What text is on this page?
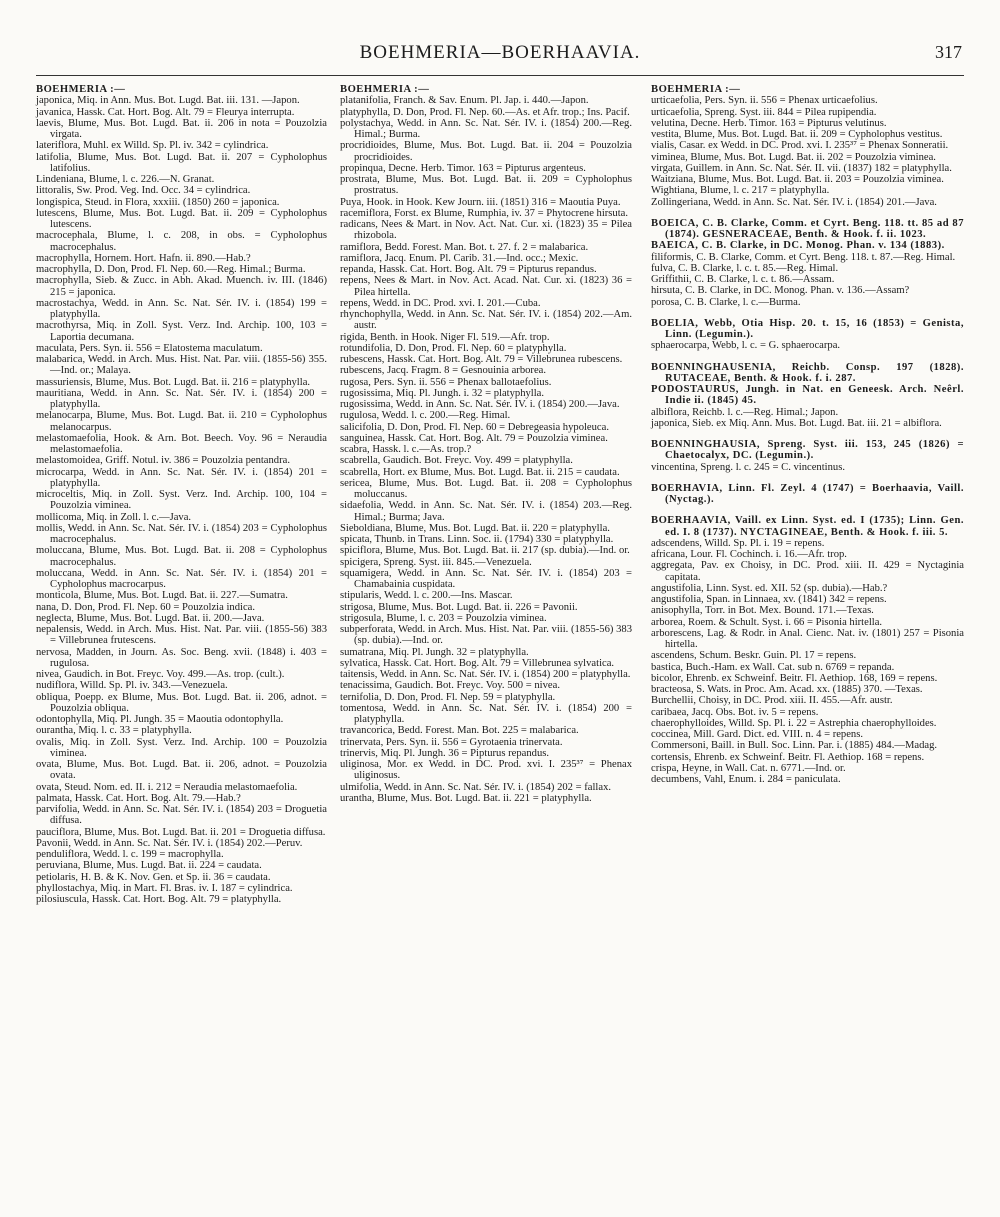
BOEHMERIA—BOERHAAVIA.	317

BOEHMERIA :—

japonica, Miq. in Ann. Mus. Bot. Lugd. Bat. iii. 131. —Japon.

javanica, Hassk. Cat. Hort. Bog. Alt. 79 = Fleurya interrupta.

laevis, Blume, Mus. Bot. Lugd. Bat. ii. 206 in nota = Pouzolzia virgata.

lateriflora, Muhl. ex Willd. Sp. Pl. iv. 342 = cylindrica.

latifolia, Blume, Mus. Bot. Lugd. Bat. ii. 207 = Cypholophus latifolius.

Lindeniana, Blume, l. c. 226.—N. Granat.

littoralis, Sw. Prod. Veg. Ind. Occ. 34 = cylindrica.

longispica, Steud. in Flora, xxxiii. (1850) 260 = japonica.

lutescens, Blume, Mus. Bot. Lugd. Bat. ii. 209 = Cypholophus lutescens.

macrocephala, Blume, l. c. 208, in obs. = Cypholophus macrocephalus.

macrophylla, Hornem. Hort. Hafn. ii. 890.—Hab.?

macrophylla, D. Don, Prod. Fl. Nep. 60.—Reg. Himal.; Burma.

macrophylla, Sieb. & Zucc. in Abh. Akad. Muench. iv. III. (1846) 215 = japonica.

macrostachya, Wedd. in Ann. Sc. Nat. Sér. IV. i. (1854) 199 = platyphylla.

macrothyrsa, Miq. in Zoll. Syst. Verz. Ind. Archip. 100, 103 = Laportia decumana.

maculata, Pers. Syn. ii. 556 = Elatostema maculatum.

malabarica, Wedd. in Arch. Mus. Hist. Nat. Par. viii. (1855-56) 355.—Ind. or.; Malaya.

massuriensis, Blume, Mus. Bot. Lugd. Bat. ii. 216 = platyphylla.

mauritiana, Wedd. in Ann. Sc. Nat. Sér. IV. i. (1854) 200 = platyphylla.

melanocarpa, Blume, Mus. Bot. Lugd. Bat. ii. 210 = Cypholophus melanocarpus.

melastomaefolia, Hook. & Arn. Bot. Beech. Voy. 96 = Neraudia melastomaefolia.

melastomoidea, Griff. Notul. iv. 386 = Pouzolzia pentandra.

microcarpa, Wedd. in Ann. Sc. Nat. Sér. IV. i. (1854) 201 = platyphylla.

microceltis, Miq. in Zoll. Syst. Verz. Ind. Archip. 100, 104 = Pouzolzia viminea.

mollicoma, Miq. in Zoll. l. c.—Java.

mollis, Wedd. in Ann. Sc. Nat. Sér. IV. i. (1854) 203 = Cypholophus macrocephalus.

moluccana, Blume, Mus. Bot. Lugd. Bat. ii. 208 = Cypholophus macrocephalus.

moluccana, Wedd. in Ann. Sc. Nat. Sér. IV. i. (1854) 201 = Cypholophus macrocarpus.

monticola, Blume, Mus. Bot. Lugd. Bat. ii. 227.—Sumatra.

nana, D. Don, Prod. Fl. Nep. 60 = Pouzolzia indica.

neglecta, Blume, Mus. Bot. Lugd. Bat. ii. 200.—Java.

nepalensis, Wedd. in Arch. Mus. Hist. Nat. Par. viii. (1855-56) 383 = Villebrunea frutescens.

nervosa, Madden, in Journ. As. Soc. Beng. xvii. (1848) i. 403 = rugulosa.

nivea, Gaudich. in Bot. Freyc. Voy. 499.—As. trop. (cult.).

nudiflora, Willd. Sp. Pl. iv. 343.—Venezuela.

obliqua, Poepp. ex Blume, Mus. Bot. Lugd. Bat. ii. 206, adnot. = Pouzolzia obliqua.

odontophylla, Miq. Pl. Jungh. 35 = Maoutia odontophylla.

ourantha, Miq. l. c. 33 = platyphylla.

ovalis, Miq. in Zoll. Syst. Verz. Ind. Archip. 100 = Pouzolzia viminea.

ovata, Blume, Mus. Bot. Lugd. Bat. ii. 206, adnot. = Pouzolzia ovata.

ovata, Steud. Nom. ed. II. i. 212 = Neraudia melastomaefolia.

palmata, Hassk. Cat. Hort. Bog. Alt. 79.—Hab.?

parvifolia, Wedd. in Ann. Sc. Nat. Sér. IV. i. (1854) 203 = Droguetia diffusa.

pauciflora, Blume, Mus. Bot. Lugd. Bat. ii. 201 = Droguetia diffusa.

Pavonii, Wedd. in Ann. Sc. Nat. Sér. IV. i. (1854) 202.—Peruv.

penduliflora, Wedd. l. c. 199 = macrophylla.

peruviana, Blume, Mus. Lugd. Bat. ii. 224 = caudata.

petiolaris, H. B. & K. Nov. Gen. et Sp. ii. 36 = caudata.

phyllostachya, Miq. in Mart. Fl. Bras. iv. I. 187 = cylindrica.

pilosiuscula, Hassk. Cat. Hort. Bog. Alt. 79 = platyphylla.

BOEHMERIA :—

platanifolia, Franch. & Sav. Enum. Pl. Jap. i. 440.—Japon.

platyphylla, D. Don, Prod. Fl. Nep. 60.—As. et Afr. trop.; Ins. Pacif.

polystachya, Wedd. in Ann. Sc. Nat. Sér. IV. i. (1854) 200.—Reg. Himal.; Burma.

procridioides, Blume, Mus. Bot. Lugd. Bat. ii. 204 = Pouzolzia procridioides.

propinqua, Decne. Herb. Timor. 163 = Pipturus argenteus.

prostrata, Blume, Mus. Bot. Lugd. Bat. ii. 209 = Cypholophus prostratus.

Puya, Hook. in Hook. Kew Journ. iii. (1851) 316 = Maoutia Puya.

racemiflora, Forst. ex Blume, Rumphia, iv. 37 = Phytocrene hirsuta.

radicans, Nees & Mart. in Nov. Act. Nat. Cur. xi. (1823) 35 = Pilea rhizobola.

ramiflora, Bedd. Forest. Man. Bot. t. 27. f. 2 = malabarica.

ramiflora, Jacq. Enum. Pl. Carib. 31.—Ind. occ.; Mexic.

repanda, Hassk. Cat. Hort. Bog. Alt. 79 = Pipturus repandus.

repens, Nees & Mart. in Nov. Act. Acad. Nat. Cur. xi. (1823) 36 = Pilea hirtella.

repens, Wedd. in DC. Prod. xvi. I. 201.—Cuba.

rhynchophylla, Wedd. in Ann. Sc. Nat. Sér. IV. i. (1854) 202.—Am. austr.

rigida, Benth. in Hook. Niger Fl. 519.—Afr. trop.

rotundifolia, D. Don, Prod. Fl. Nep. 60 = platyphylla.

rubescens, Hassk. Cat. Hort. Bog. Alt. 79 = Villebrunea rubescens.

rubescens, Jacq. Fragm. 8 = Gesnouinia arborea.

rugosa, Pers. Syn. ii. 556 = Phenax ballotaefolius.

rugosissima, Miq. Pl. Jungh. i. 32 = platyphylla.

rugosissima, Wedd. in Ann. Sc. Nat. Sér. IV. i. (1854) 200.—Java.

rugulosa, Wedd. l. c. 200.—Reg. Himal.

salicifolia, D. Don, Prod. Fl. Nep. 60 = Debregeasia hypoleuca.

sanguinea, Hassk. Cat. Hort. Bog. Alt. 79 = Pouzolzia viminea.

scabra, Hassk. l. c.—As. trop.?

scabrella, Gaudich. Bot. Freyc. Voy. 499 = platyphylla.

scabrella, Hort. ex Blume, Mus. Bot. Lugd. Bat. ii. 215 = caudata.

sericea, Blume, Mus. Bot. Lugd. Bat. ii. 208 = Cypholophus moluccanus.

sidaefolia, Wedd. in Ann. Sc. Nat. Sér. IV. i. (1854) 203.—Reg. Himal.; Burma; Java.

Sieboldiana, Blume, Mus. Bot. Lugd. Bat. ii. 220 = platyphylla.

spicata, Thunb. in Trans. Linn. Soc. ii. (1794) 330 = platyphylla.

spiciflora, Blume, Mus. Bot. Lugd. Bat. ii. 217 (sp. dubia).—Ind. or.

spicigera, Spreng. Syst. iii. 845.—Venezuela.

squamigera, Wedd. in Ann. Sc. Nat. Sér. IV. i. (1854) 203 = Chamabainia cuspidata.

stipularis, Wedd. l. c. 200.—Ins. Mascar.

strigosa, Blume, Mus. Bot. Lugd. Bat. ii. 226 = Pavonii.

strigosula, Blume, l. c. 203 = Pouzolzia viminea.

subperforata, Wedd. in Arch. Mus. Hist. Nat. Par. viii. (1855-56) 383 (sp. dubia).—Ind. or.

sumatrana, Miq. Pl. Jungh. 32 = platyphylla.

sylvatica, Hassk. Cat. Hort. Bog. Alt. 79 = Villebrunea sylvatica.

taitensis, Wedd. in Ann. Sc. Nat. Sér. IV. i. (1854) 200 = platyphylla.

tenacissima, Gaudich. Bot. Freyc. Voy. 500 = nivea.

ternifolia, D. Don, Prod. Fl. Nep. 59 = platyphylla.

tomentosa, Wedd. in Ann. Sc. Nat. Sér. IV. i. (1854) 200 = platyphylla.

travancorica, Bedd. Forest. Man. Bot. 225 = malabarica.

trinervata, Pers. Syn. ii. 556 = Gyrotaenia trinervata.

trinervis, Miq. Pl. Jungh. 36 = Pipturus repandus.

uliginosa, Mor. ex Wedd. in DC. Prod. xvi. I. 235³⁷ = Phenax uliginosus.

ulmifolia, Wedd. in Ann. Sc. Nat. Sér. IV. i. (1854) 202 = fallax.

urantha, Blume, Mus. Bot. Lugd. Bat. ii. 221 = platyphylla.

BOEHMERIA :—

urticaefolia, Pers. Syn. ii. 556 = Phenax urticaefolius.

urticaefolia, Spreng. Syst. iii. 844 = Pilea rupipendia.

velutina, Decne. Herb. Timor. 163 = Pipturus velutinus.

vestita, Blume, Mus. Bot. Lugd. Bat. ii. 209 = Cypholophus vestitus.

vialis, Casar. ex Wedd. in DC. Prod. xvi. I. 235³⁷ = Phenax Sonneratii.

viminea, Blume, Mus. Bot. Lugd. Bat. ii. 202 = Pouzolzia viminea.

virgata, Guillem. in Ann. Sc. Nat. Sér. II. vii. (1837) 182 = platyphylla.

Waitziana, Blume, Mus. Bot. Lugd. Bat. ii. 203 = Pouzolzia viminea.

Wightiana, Blume, l. c. 217 = platyphylla.

Zollingeriana, Wedd. in Ann. Sc. Nat. Sér. IV. i. (1854) 201.—Java.

BOEICA, C. B. Clarke, Comm. et Cyrt. Beng. 118. tt. 85 ad 87 (1874). GESNERACEAE, Benth. & Hook. f. ii. 1023.

BAEICA, C. B. Clarke, in DC. Monog. Phan. v. 134 (1883).

filiformis, C. B. Clarke, Comm. et Cyrt. Beng. 118. t. 87.—Reg. Himal.

fulva, C. B. Clarke, l. c. t. 85.—Reg. Himal.

Griffithii, C. B. Clarke, l. c. t. 86.—Assam.

hirsuta, C. B. Clarke, in DC. Monog. Phan. v. 136.—Assam?

porosa, C. B. Clarke, l. c.—Burma.

BOELIA, Webb, Otia Hisp. 20. t. 15, 16 (1853) = Genista, Linn. (Legumin.).

sphaerocarpa, Webb, l. c. = G. sphaerocarpa.

BOENNINGHAUSENIA, Reichb. Consp. 197 (1828). RUTACEAE, Benth. & Hook. f. i. 287.

PODOSTAURUS, Jungh. in Nat. en Geneesk. Arch. Neêrl. Indie ii. (1845) 45.

albiflora, Reichb. l. c.—Reg. Himal.; Japon.

japonica, Sieb. ex Miq. Ann. Mus. Bot. Lugd. Bat. iii. 21 = albiflora.

BOENNINGHAUSIA, Spreng. Syst. iii. 153, 245 (1826) = Chaetocalyx, DC. (Legumin.).

vincentina, Spreng. l. c. 245 = C. vincentinus.

BOERHAVIA, Linn. Fl. Zeyl. 4 (1747) = Boerhaavia, Vaill. (Nyctag.).

BOERHAAVIA, Vaill. ex Linn. Syst. ed. I (1735); Linn. Gen. ed. I. 8 (1737). NYCTAGINEAE, Benth. & Hook. f. iii. 5.

adscendens, Willd. Sp. Pl. i. 19 = repens.

africana, Lour. Fl. Cochinch. i. 16.—Afr. trop.

aggregata, Pav. ex Choisy, in DC. Prod. xiii. II. 429 = Nyctaginia capitata.

angustifolia, Linn. Syst. ed. XII. 52 (sp. dubia).—Hab.?

angustifolia, Span. in Linnaea, xv. (1841) 342 = repens.

anisophylla, Torr. in Bot. Mex. Bound. 171.—Texas.

arborea, Roem. & Schult. Syst. i. 66 = Pisonia hirtella.

arborescens, Lag. & Rodr. in Anal. Cienc. Nat. iv. (1801) 257 = Pisonia hirtella.

ascendens, Schum. Beskr. Guin. Pl. 17 = repens.

bastica, Buch.-Ham. ex Wall. Cat. sub n. 6769 = repanda.

bicolor, Ehrenb. ex Schweinf. Beitr. Fl. Aethiop. 168, 169 = repens.

bracteosa, S. Wats. in Proc. Am. Acad. xx. (1885) 370. —Texas.

Burchellii, Choisy, in DC. Prod. xiii. II. 455.—Afr. austr.

caribaea, Jacq. Obs. Bot. iv. 5 = repens.

chaerophylloides, Willd. Sp. Pl. i. 22 = Astrephia chaerophylloides.

coccinea, Mill. Gard. Dict. ed. VIII. n. 4 = repens.

Commersoni, Baill. in Bull. Soc. Linn. Par. i. (1885) 484.—Madag.

cortensis, Ehrenb. ex Schweinf. Beitr. Fl. Aethiop. 168 = repens.

crispa, Heyne, in Wall. Cat. n. 6771.—Ind. or.

decumbens, Vahl, Enum. i. 284 = paniculata.
